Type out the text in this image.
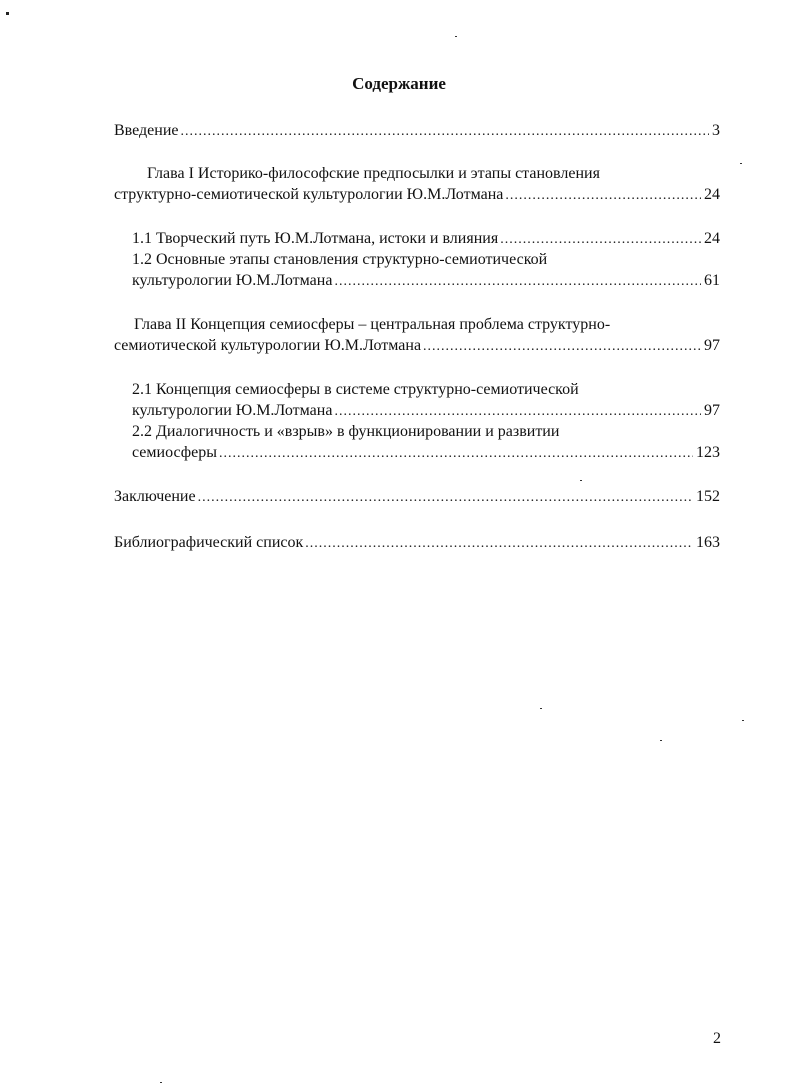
Содержание
Введение .....	3
Глава I Историко-философские предпосылки и этапы становления
структурно-семиотической культурологии Ю.М.Лотмана .....	24
1.1 Творческий путь Ю.М.Лотмана, истоки и влияния .....	24
1.2 Основные этапы становления структурно-семиотической
культурологии Ю.М.Лотмана .....	61
Глава II Концепция семиосферы – центральная проблема структурно-
семиотической культурологии Ю.М.Лотмана .....	97
2.1 Концепция семиосферы в системе структурно-семиотической
культурологии Ю.М.Лотмана .....	97
2.2 Диалогичность и «взрыв» в функционировании и развитии
семиосферы .....	123
Заключение .....	152
Библиографический список .....	163
2
